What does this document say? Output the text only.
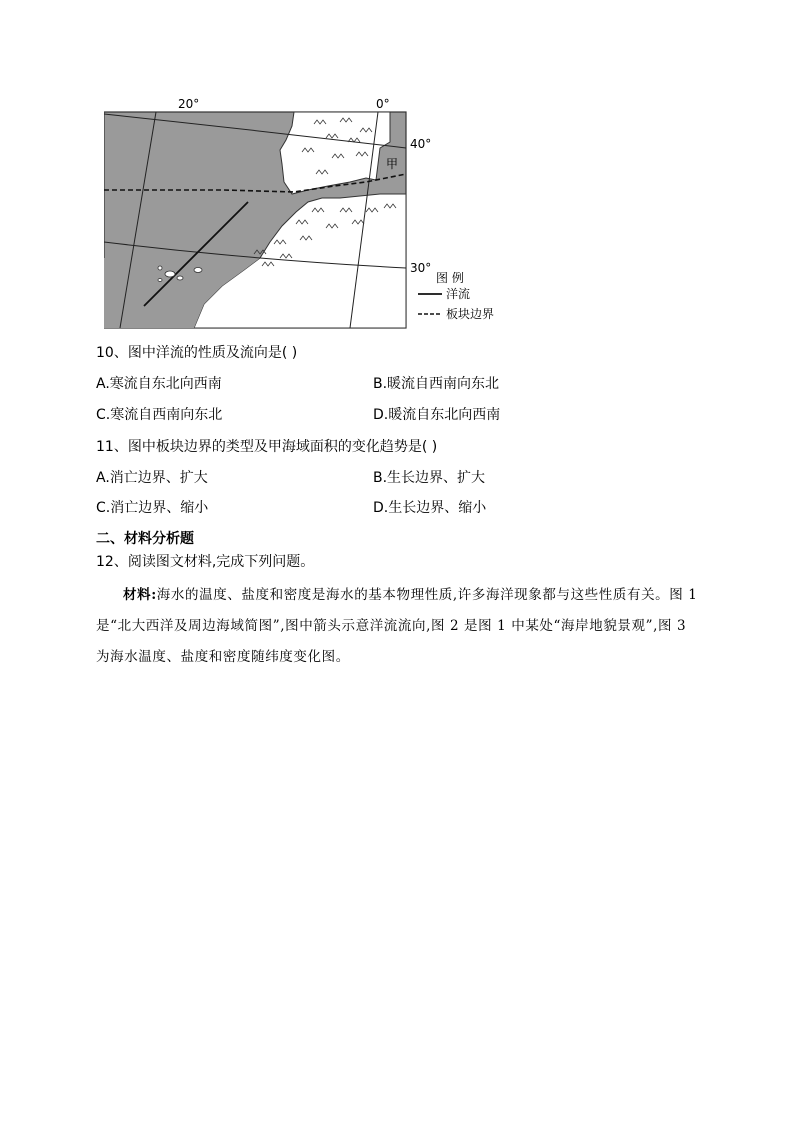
20°	0°
40°
30°
甲
图 例
洋流
板块边界
10、图中洋流的性质及流向是( )
A.寒流自东北向西南	B.暖流自西南向东北
C.寒流自西南向东北	D.暖流自东北向西南
11、图中板块边界的类型及甲海域面积的变化趋势是( )
A.消亡边界、扩大	B.生长边界、扩大
C.消亡边界、缩小	D.生长边界、缩小
二、材料分析题
12、阅读图文材料,完成下列问题。
材料:海水的温度、盐度和密度是海水的基本物理性质,许多海洋现象都与这些性质有关。图 1 是“北大西洋及周边海域简图”,图中箭头示意洋流流向,图 2 是图 1 中某处“海岸地貌景观”,图 3 为海水温度、盐度和密度随纬度变化图。
